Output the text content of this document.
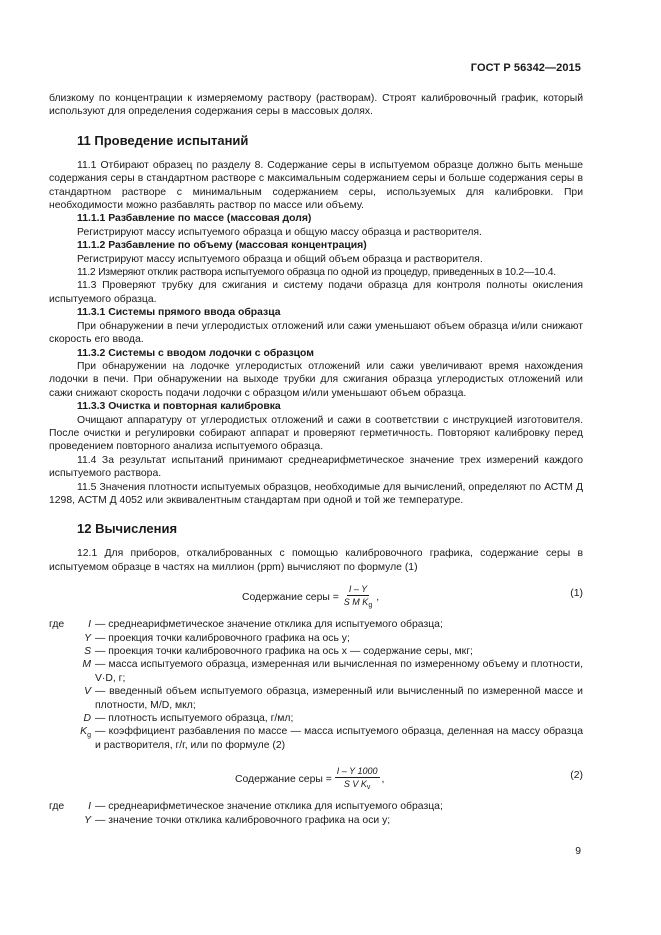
ГОСТ Р 56342—2015

близкому по концентрации к измеряемому раствору (растворам). Строят калибровочный график, который используют для определения содержания серы в массовых долях.

11 Проведение испытаний

11.1 Отбирают образец по разделу 8. Содержание серы в испытуемом образце должно быть меньше содержания серы в стандартном растворе с максимальным содержанием серы и больше содержания серы в стандартном растворе с минимальным содержанием серы, используемых для калибровки. При необходимости можно разбавлять раствор по массе или объему.

11.1.1 Разбавление по массе (массовая доля)

Регистрируют массу испытуемого образца и общую массу образца и растворителя.

11.1.2 Разбавление по объему (массовая концентрация)

Регистрируют массу испытуемого образца и общий объем образца и растворителя.

11.2 Измеряют отклик раствора испытуемого образца по одной из процедур, приведенных в 10.2—10.4.

11.3 Проверяют трубку для сжигания и систему подачи образца для контроля полноты окисления испытуемого образца.

11.3.1 Системы прямого ввода образца

При обнаружении в печи углеродистых отложений или сажи уменьшают объем образца и/или снижают скорость его ввода.

11.3.2 Системы с вводом лодочки с образцом

При обнаружении на лодочке углеродистых отложений или сажи увеличивают время нахождения лодочки в печи. При обнаружении на выходе трубки для сжигания образца углеродистых отложений или сажи снижают скорость подачи лодочки с образцом и/или уменьшают объем образца.

11.3.3 Очистка и повторная калибровка

Очищают аппаратуру от углеродистых отложений и сажи в соответствии с инструкцией изготовителя. После очистки и регулировки собирают аппарат и проверяют герметичность. Повторяют калибровку перед проведением повторного анализа испытуемого образца.

11.4 За результат испытаний принимают среднеарифметическое значение трех измерений каждого испытуемого раствора.

11.5 Значения плотности испытуемых образцов, необходимые для вычислений, определяют по АСТМ Д 1298, АСТМ Д 4052 или эквивалентным стандартам при одной и той же температуре.

12 Вычисления

12.1 Для приборов, откалиброванных с помощью калибровочного графика, содержание серы в испытуемом образце в частях на миллион (ppm) вычисляют по формуле (1)

Содержание серы = $\frac{I - Y}{S M K_g}$ ,	(1)
где	I — среднеарифметическое значение отклика для испытуемого образца;
Y — проекция точки калибровочного графика на ось y;
S — проекция точки калибровочного графика на ось x — содержание серы, мкг;
M — масса испытуемого образца, измеренная или вычисленная по измеренному объему и плотности, V·D, г;
V — введенный объем испытуемого образца, измеренный или вычисленный по измеренной массе и плотности, M/D, мкл;
D — плотность испытуемого образца, г/мл;
$K_g$ — коэффициент разбавления по массе — масса испытуемого образца, деленная на массу образца и растворителя, г/г, или по формуле (2)
Содержание серы = $\frac{I - Y 1000}{S V K_v}$ ,	(2)
где	I — среднеарифметическое значение отклика для испытуемого образца;
Y — значение точки отклика калибровочного графика на оси y;
9
